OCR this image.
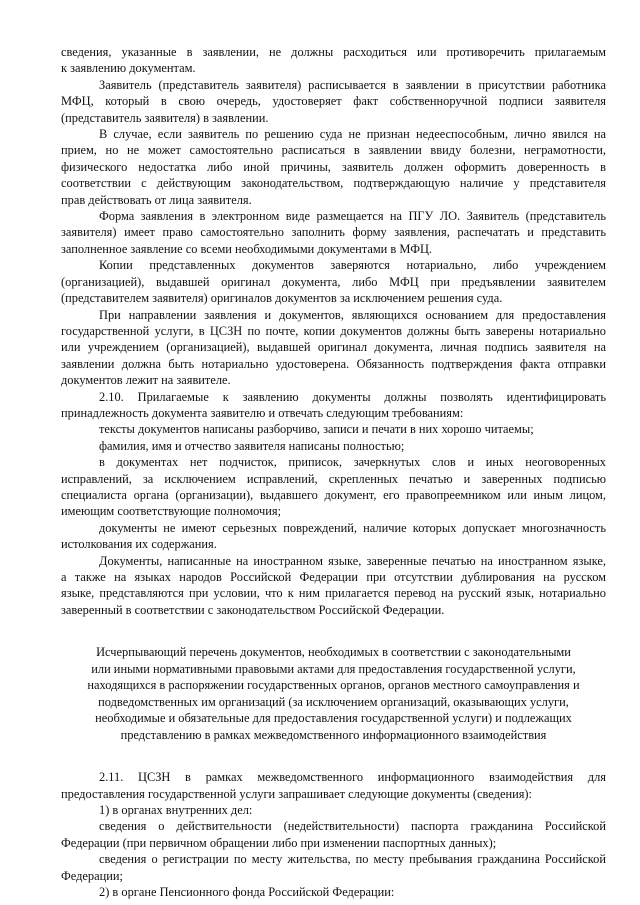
сведения, указанные в заявлении, не должны расходиться или противоречить прилагаемым
к заявлению документам.
Заявитель (представитель заявителя) расписывается в заявлении в присутствии работника
МФЦ, который в свою очередь, удостоверяет факт собственноручной подписи заявителя
(представитель заявителя) в заявлении.
В случае, если заявитель по решению суда не признан недееспособным, лично явился на
прием, но не может самостоятельно расписаться в заявлении ввиду болезни, неграмотности,
физического недостатка либо иной причины, заявитель должен оформить доверенность в
соответствии с действующим законодательством, подтверждающую наличие у представителя
прав действовать от лица заявителя.
Форма заявления в электронном виде размещается на ПГУ ЛО. Заявитель (представитель
заявителя) имеет право самостоятельно заполнить форму заявления, распечатать и представить
заполненное заявление со всеми необходимыми документами в МФЦ.
Копии представленных документов заверяются нотариально, либо учреждением
(организацией), выдавшей оригинал документа, либо МФЦ при предъявлении заявителем
(представителем заявителя) оригиналов документов за исключением решения суда.
При направлении заявления и документов, являющихся основанием для предоставления
государственной услуги, в ЦСЗН по почте, копии документов должны быть заверены нотариально
или учреждением (организацией), выдавшей оригинал документа, личная подпись заявителя на
заявлении должна быть нотариально удостоверена. Обязанность подтверждения факта отправки
документов лежит на заявителе.
2.10. Прилагаемые к заявлению документы должны позволять идентифицировать
принадлежность документа заявителю и отвечать следующим требованиям:
тексты документов написаны разборчиво, записи и печати в них хорошо читаемы;
фамилия, имя и отчество заявителя написаны полностью;
в документах нет подчисток, приписок, зачеркнутых слов и иных неоговоренных
исправлений, за исключением исправлений, скрепленных печатью и заверенных подписью
специалиста органа (организации), выдавшего документ, его правопреемником или иным лицом,
имеющим соответствующие полномочия;
документы не имеют серьезных повреждений, наличие которых допускает многозначность
истолкования их содержания.
Документы, написанные на иностранном языке, заверенные печатью на иностранном языке,
а также на языках народов Российской Федерации при отсутствии дублирования на русском
языке, представляются при условии, что к ним прилагается перевод на русский язык, нотариально
заверенный в соответствии с законодательством Российской Федерации.
Исчерпывающий перечень документов, необходимых в соответствии с законодательными
или иными нормативными правовыми актами для предоставления государственной услуги,
находящихся в распоряжении государственных органов, органов местного самоуправления и
подведомственных им организаций (за исключением организаций, оказывающих услуги,
необходимые и обязательные для предоставления государственной услуги) и подлежащих
представлению в рамках межведомственного информационного взаимодействия
2.11. ЦСЗН в рамках межведомственного информационного взаимодействия для
предоставления государственной услуги запрашивает следующие документы (сведения):
1) в органах внутренних дел:
сведения о действительности (недействительности) паспорта гражданина Российской
Федерации (при первичном обращении либо при изменении паспортных данных);
сведения о регистрации по месту жительства, по месту пребывания гражданина Российской
Федерации;
2) в органе Пенсионного фонда Российской Федерации:
